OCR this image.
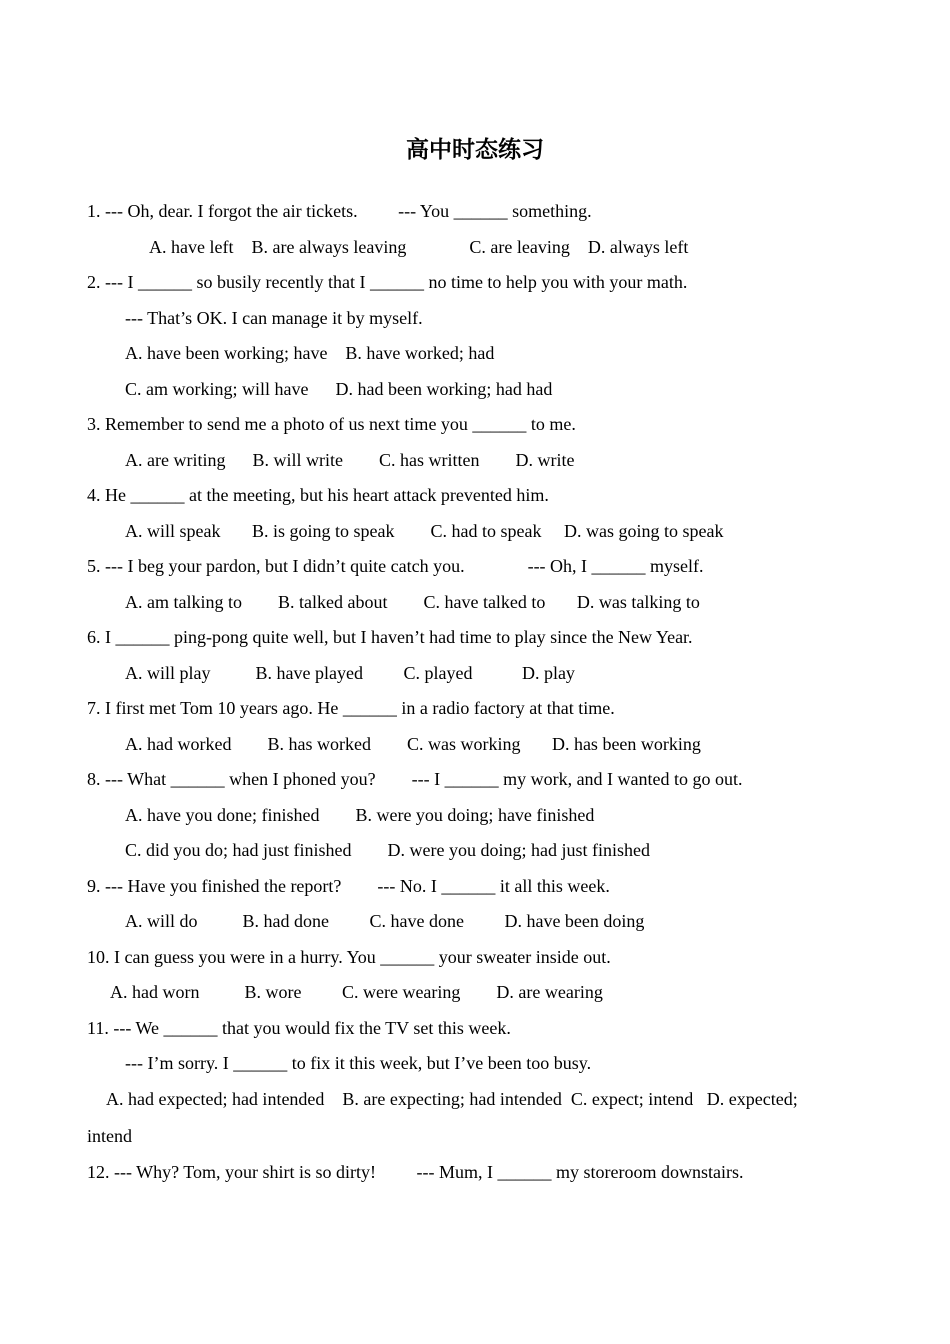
高中时态练习
1. --- Oh, dear. I forgot the air tickets.         --- You ______ something.
A. have left    B. are always leaving              C. are leaving    D. always left
2. --- I ______ so busily recently that I ______ no time to help you with your math.
--- That’s OK. I can manage it by myself.
A. have been working; have    B. have worked; had
C. am working; will have      D. had been working; had had
3. Remember to send me a photo of us next time you ______ to me.
A. are writing      B. will write        C. has written        D. write
4. He ______ at the meeting, but his heart attack prevented him.
A. will speak       B. is going to speak        C. had to speak     D. was going to speak
5. --- I beg your pardon, but I didn’t quite catch you.              --- Oh, I ______ myself.
A. am talking to        B. talked about        C. have talked to       D. was talking to
6. I ______ ping-pong quite well, but I haven’t had time to play since the New Year.
A. will play          B. have played         C. played           D. play
7. I first met Tom 10 years ago. He ______ in a radio factory at that time.
A. had worked        B. has worked        C. was working       D. has been working
8. --- What ______ when I phoned you?        --- I ______ my work, and I wanted to go out.
A. have you done; finished        B. were you doing; have finished
C. did you do; had just finished        D. were you doing; had just finished
9. --- Have you finished the report?        --- No. I ______ it all this week.
A. will do          B. had done         C. have done         D. have been doing
10. I can guess you were in a hurry. You ______ your sweater inside out.
A. had worn          B. wore         C. were wearing        D. are wearing
11. --- We ______ that you would fix the TV set this week.
--- I’m sorry. I ______ to fix it this week, but I’ve been too busy.
A. had expected; had intended    B. are expecting; had intended  C. expect; intend   D. expected;
intend
12. --- Why? Tom, your shirt is so dirty!         --- Mum, I ______ my storeroom downstairs.
